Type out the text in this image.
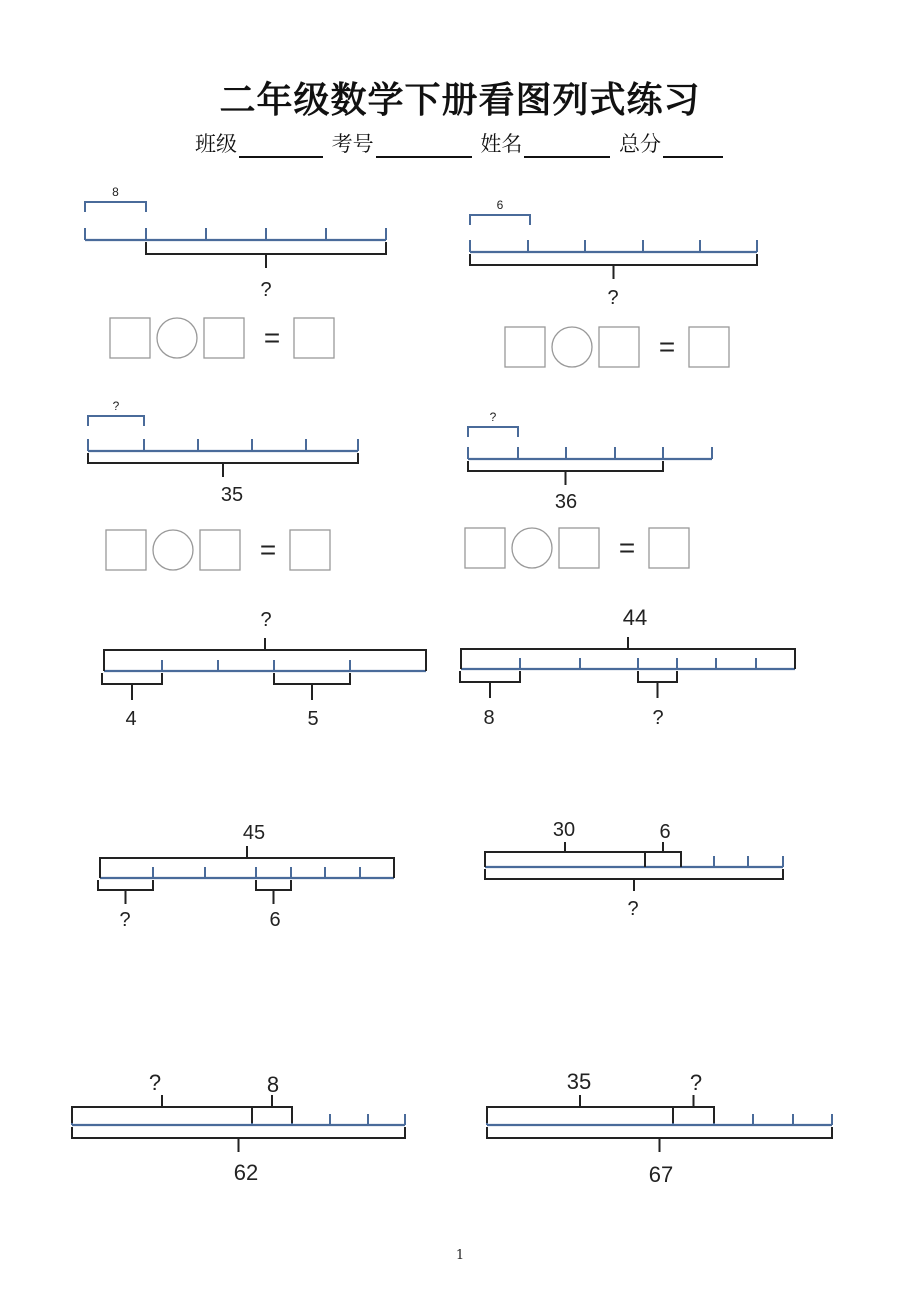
二年级数学下册看图列式练习
班级	考号	姓名	总分
8
?
=
6
?
=
?
35
=
?
36
=
?
4	5
44
8	?
45
?	6
30	6
?
?	8
62
35	?
67
1
